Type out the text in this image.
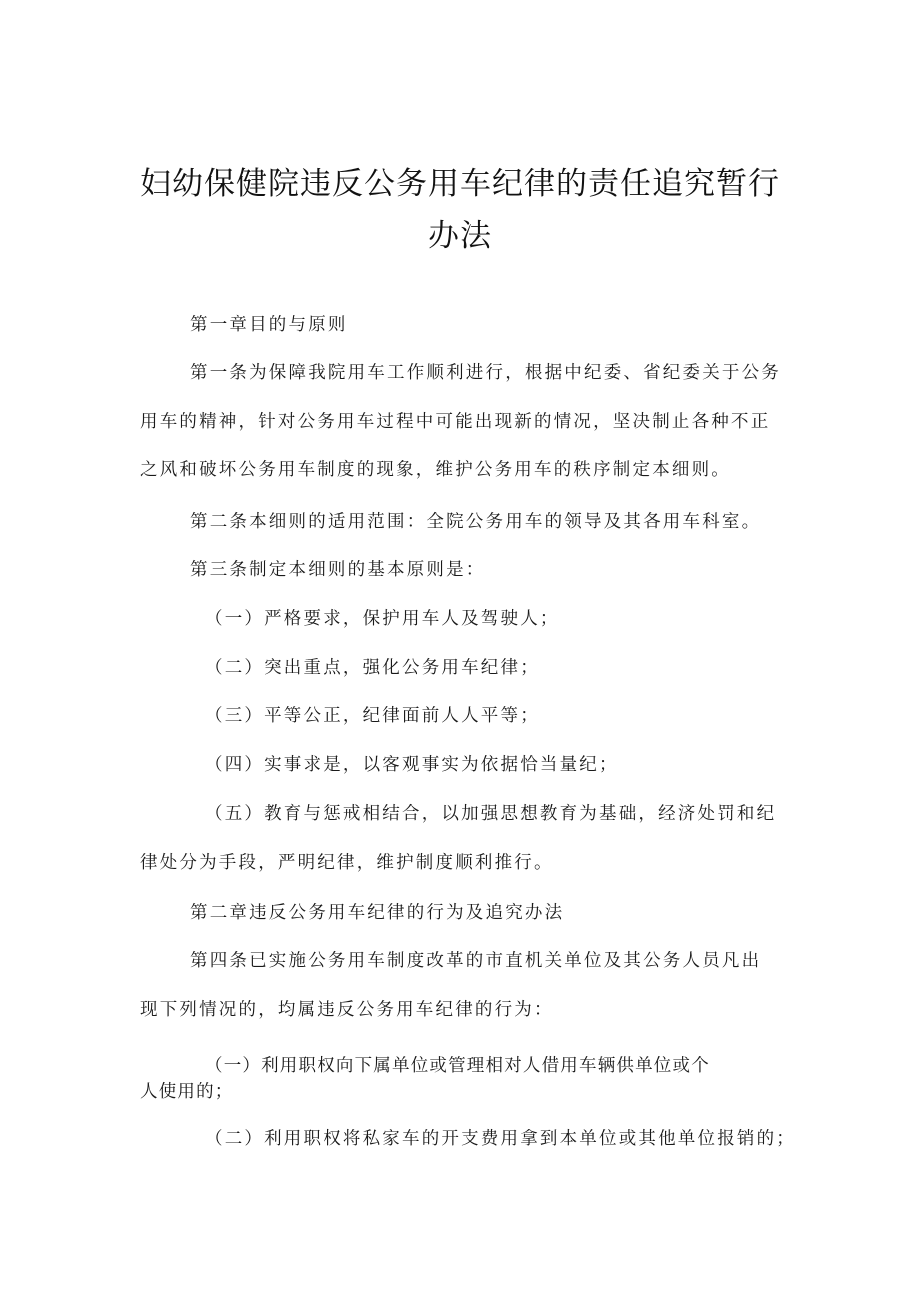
妇幼保健院违反公务用车纪律的责任追究暂行
办法
第一章目的与原则
第一条为保障我院用车工作顺利进行，根据中纪委、省纪委关于公务
用车的精神，针对公务用车过程中可能出现新的情况，坚决制止各种不正
之风和破坏公务用车制度的现象，维护公务用车的秩序制定本细则。
第二条本细则的适用范围：全院公务用车的领导及其各用车科室。
第三条制定本细则的基本原则是：
（一）严格要求，保护用车人及驾驶人；
（二）突出重点，强化公务用车纪律；
（三）平等公正，纪律面前人人平等；
（四）实事求是，以客观事实为依据恰当量纪；
（五）教育与惩戒相结合，以加强思想教育为基础，经济处罚和纪
律处分为手段，严明纪律，维护制度顺利推行。
第二章违反公务用车纪律的行为及追究办法
第四条已实施公务用车制度改革的市直机关单位及其公务人员凡出
现下列情况的，均属违反公务用车纪律的行为：
（一）利用职权向下属单位或管理相对人借用车辆供单位或个
人使用的；
（二）利用职权将私家车的开支费用拿到本单位或其他单位报销的；
